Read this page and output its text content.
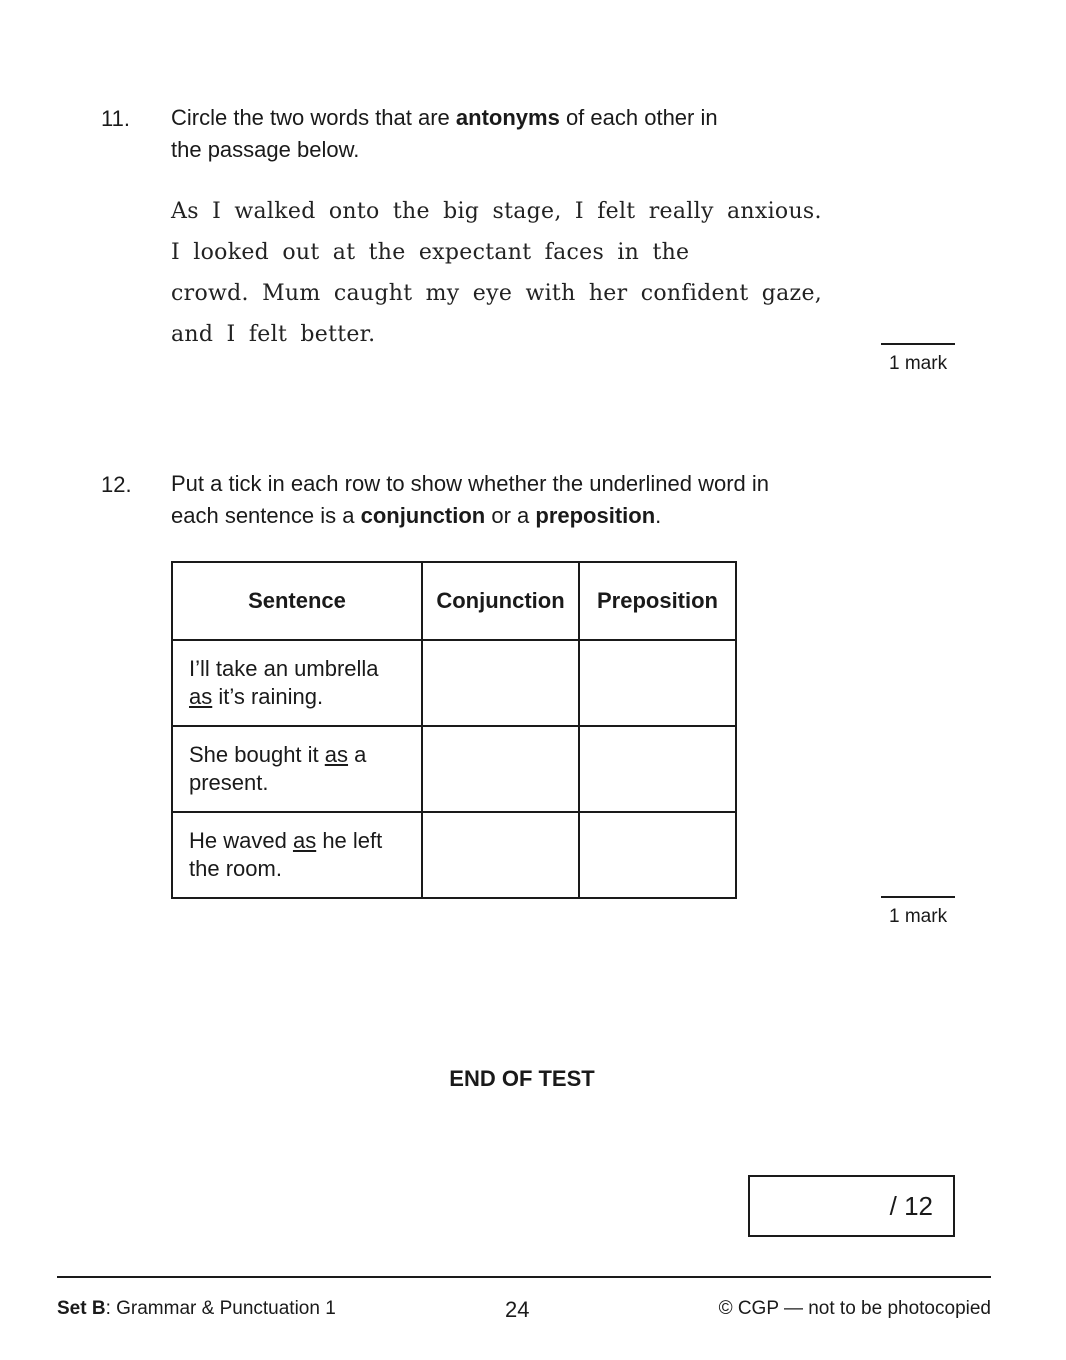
11. Circle the two words that are antonyms of each other in
the passage below.
As I walked onto the big stage, I felt really anxious.
I looked out at the expectant faces in the
crowd. Mum caught my eye with her confident gaze,
and I felt better.
1 mark
12. Put a tick in each row to show whether the underlined word in
each sentence is a conjunction or a preposition.
Sentence	Conjunction	Preposition

I’ll take an umbrella
as it’s raining.		

She bought it as a
present.		

He waved as he left
the room.		

1 mark
END OF TEST
/ 12
Set B: Grammar & Punctuation 1	24	© CGP — not to be photocopied
